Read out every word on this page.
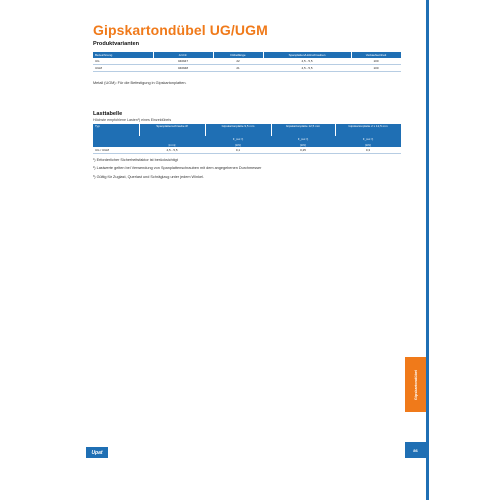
Gipskartondübel UG/UGM
Produktvarianten
Bezeichnung	Art.Nr.	Dübellänge	Spanplatten/Holzschrauben	Verkaufseinheit
UG	040947	22	4,5 - 5,5	100
UGM	040948	21	4,5 - 5,5	100
Metall (UGM): Für die Befestigung in Gipskartonplatten.
Lasttabelle
Höchste empfohlene Lasten¹) eines Einzeldübels
Typ	Spanplattenschraube Ø	Gipskartonplatte 9,5 mm	Gipskartonplatte 12,5 mm	Gipskartonplatte 2 x 12,5 mm
		F_rec ²)	F_rec ²)	F_rec ²)
	[mm]	[kN]	[kN]	[kN]
UG / UGM	4,5 - 5,5	0,1	0,25	0,3
¹) Erforderlicher Sicherheitsfaktor ist berücksichtigt
²) Lastwerte gelten bei Verwendung von Spanplattenschrauben mit dem angegebenen Durchmesser
³) Gültig für Zuglast, Querlast und Schräglzug unter jedem Winkel.
Gipskartondübel
86
Upat
